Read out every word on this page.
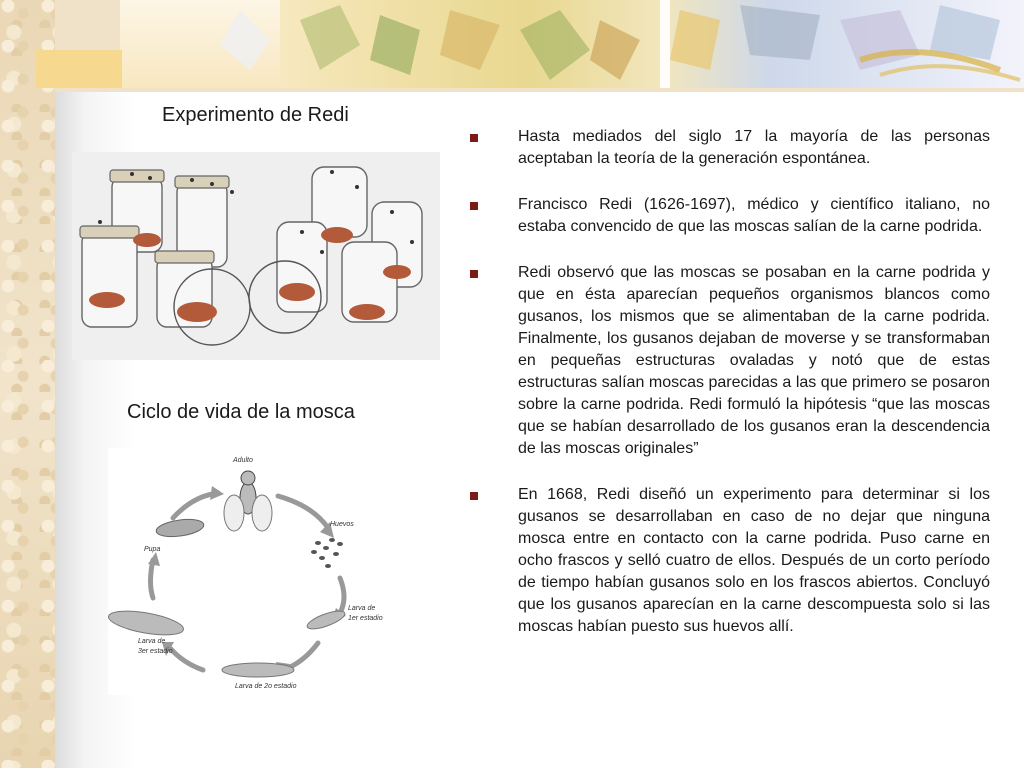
Experimento de Redi
Ciclo de vida de la mosca
Adulto
Huevos
Larva de
1er estadio
Larva de 2o estadio
Larva de
3er estadio
Pupa
Hasta mediados del siglo 17 la mayoría de las personas aceptaban la teoría de la generación espontánea.
Francisco Redi (1626-1697), médico y científico italiano, no estaba convencido de que las moscas salían de la carne podrida.
Redi observó que las moscas se posaban en la carne podrida y que en ésta aparecían pequeños organismos blancos como gusanos, los mismos que se alimentaban de la carne podrida. Finalmente, los gusanos dejaban de moverse y se transformaban en pequeñas estructuras ovaladas y notó que de estas estructuras salían moscas parecidas a las que primero se posaron sobre la carne podrida. Redi formuló la hipótesis “que las moscas que se habían desarrollado de los gusanos eran la descendencia de las moscas originales”
En 1668, Redi diseñó un experimento para determinar si los gusanos se desarrollaban en caso de no dejar que ninguna mosca entre en contacto con la carne podrida. Puso carne en ocho frascos y selló cuatro de ellos. Después de un corto período de tiempo habían gusanos solo en los frascos abiertos. Concluyó que los gusanos aparecían en la carne descompuesta solo si las moscas habían puesto sus huevos allí.
